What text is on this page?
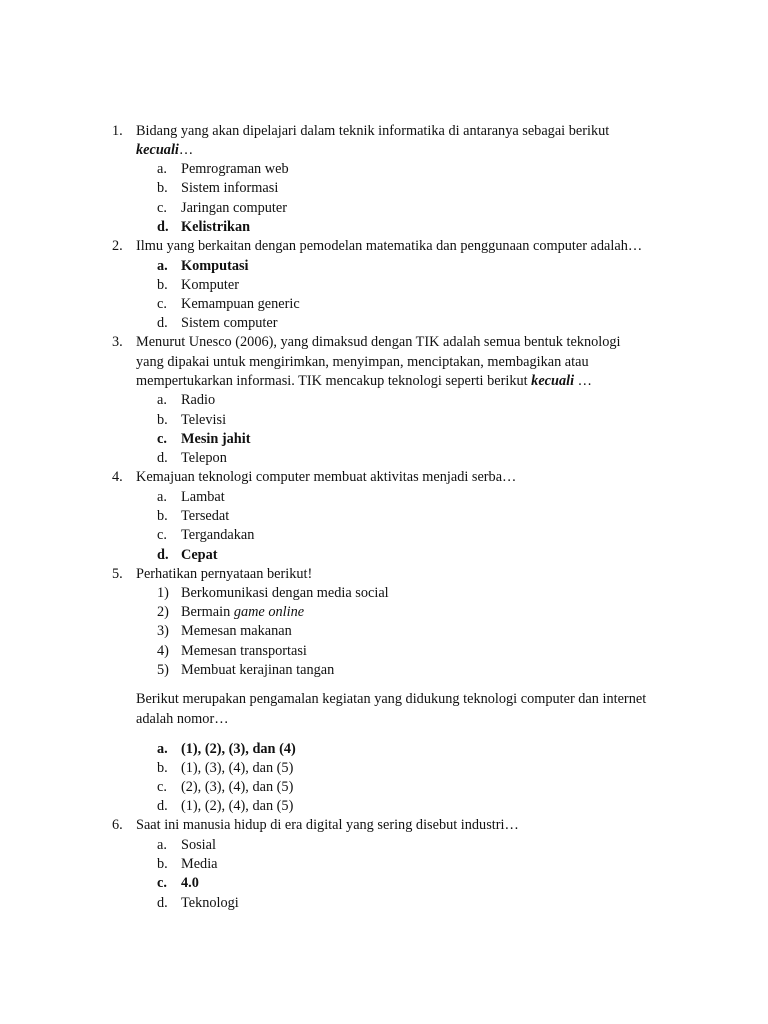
1. Bidang yang akan dipelajari dalam teknik informatika di antaranya sebagai berikut
kecuali…
a. Pemrograman web
b. Sistem informasi
c. Jaringan computer
d. Kelistrikan
2. Ilmu yang berkaitan dengan pemodelan matematika dan penggunaan computer adalah…
a. Komputasi
b. Komputer
c. Kemampuan generic
d. Sistem computer
3. Menurut Unesco (2006), yang dimaksud dengan TIK adalah semua bentuk teknologi
yang dipakai untuk mengirimkan, menyimpan, menciptakan, membagikan atau
mempertukarkan informasi. TIK mencakup teknologi seperti berikut kecuali …
a. Radio
b. Televisi
c. Mesin jahit
d. Telepon
4. Kemajuan teknologi computer membuat aktivitas menjadi serba…
a. Lambat
b. Tersedat
c. Tergandakan
d. Cepat
5. Perhatikan pernyataan berikut!
1) Berkomunikasi dengan media social
2) Bermain game online
3) Memesan makanan
4) Memesan transportasi
5) Membuat kerajinan tangan
Berikut merupakan pengamalan kegiatan yang didukung teknologi computer dan internet
adalah nomor…
a. (1), (2), (3), dan (4)
b. (1), (3), (4), dan (5)
c. (2), (3), (4), dan (5)
d. (1), (2), (4), dan (5)
6. Saat ini manusia hidup di era digital yang sering disebut industri…
a. Sosial
b. Media
c. 4.0
d. Teknologi
